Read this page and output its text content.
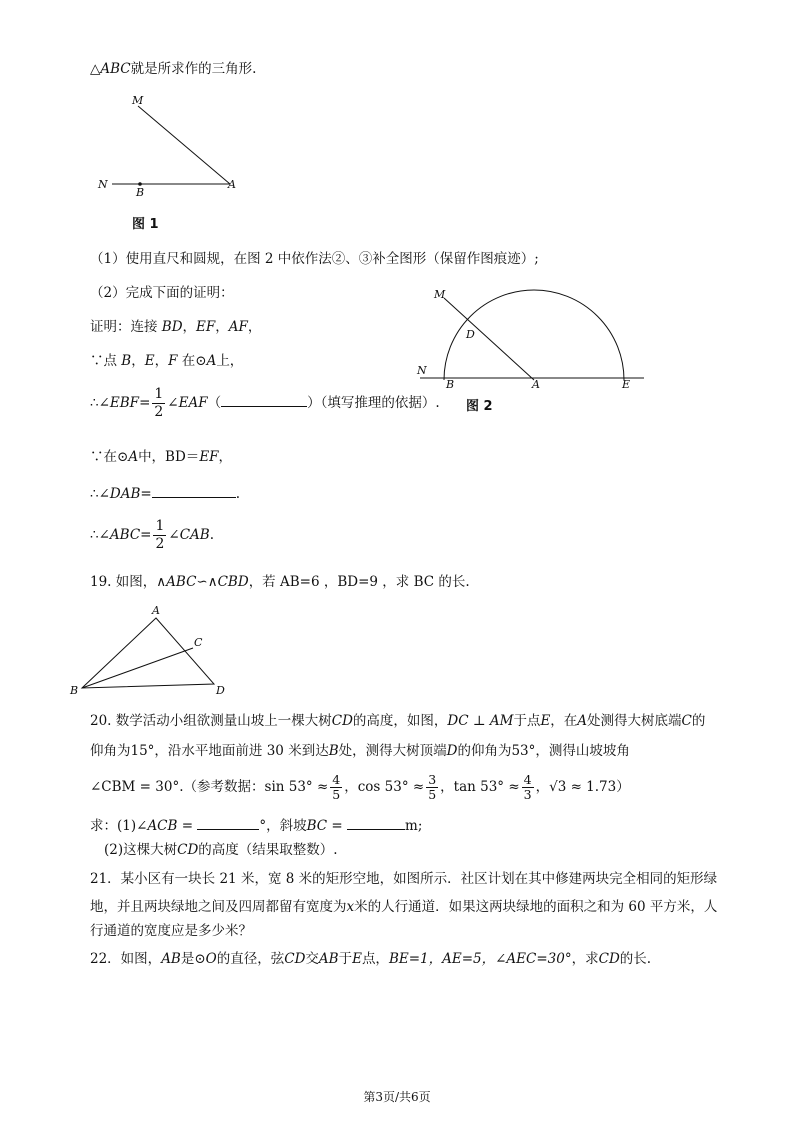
△ABC就是所求作的三角形.
M
N
B
A
图 1
（1）使用直尺和圆规，在图 2 中依作法②、③补全图形（保留作图痕迹）;
（2）完成下面的证明：
证明：连接 BD，EF，AF，
∵点 B，E，F 在⊙A上，
∴∠EBF= $\frac{1}{2}$ ∠EAF（	）（填写推理的依据）.
M
D
N
B	A	E
图 2
∵在⊙A中，BD＝EF，
∴∠DAB=	.
∴∠ABC= $\frac{1}{2}$ ∠CAB.
19. 如图，∧ABC∽∧CBD，若 AB=6 ，BD=9 ，求 BC 的长.
A
B
C
D
20. 数学活动小组欲测量山坡上一棵大树CD的高度，如图，DC ⊥ AM于点E，在A处测得大树底端C的
仰角为15°，沿水平地面前进 30 米到达B处，测得大树顶端D的仰角为53°，测得山坡坡角
∠CBM = 30°.（参考数据：$\sin 53^\circ \approx \frac{4}{5}$ ，$\cos 53^\circ \approx \frac{3}{5}$ ，$\tan 53^\circ \approx \frac{4}{3}$ ，√3 ≈ 1.73）
求：(1)∠ACB =	°，斜坡BC =	m;
(2)这棵大树CD的高度（结果取整数）.
21．某小区有一块长 21 米，宽 8 米的矩形空地，如图所示．社区计划在其中修建两块完全相同的矩形绿
地，并且两块绿地之间及四周都留有宽度为x米的人行通道．如果这两块绿地的面积之和为 60 平方米，人
行通道的宽度应是多少米？
22．如图，AB是⊙O的直径，弦CD交AB于E点，BE=1，AE=5，∠AEC=30°，求CD的长.
第3页/共6页
